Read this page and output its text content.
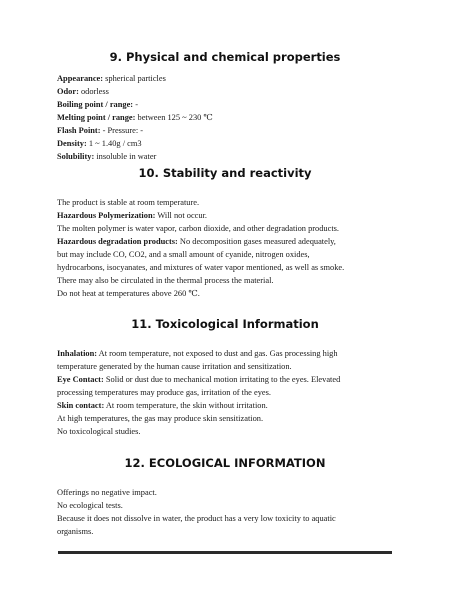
9. Physical and chemical properties
Appearance: spherical particles
Odor: odorless
Boiling point / range: -
Melting point / range: between 125 ~ 230 ℃
Flash Point: - Pressure: -
Density: 1 ~ 1.40g / cm3
Solubility: insoluble in water
10. Stability and reactivity
The product is stable at room temperature.
Hazardous Polymerization: Will not occur.
The molten polymer is water vapor, carbon dioxide, and other degradation products.
Hazardous degradation products: No decomposition gases measured adequately,
but may include CO, CO2, and a small amount of cyanide, nitrogen oxides,
hydrocarbons, isocyanates, and mixtures of water vapor mentioned, as well as smoke.
There may also be circulated in the thermal process the material.
Do not heat at temperatures above 260 ℃.
11. Toxicological Information
Inhalation: At room temperature, not exposed to dust and gas. Gas processing high
temperature generated by the human cause irritation and sensitization.
Eye Contact: Solid or dust due to mechanical motion irritating to the eyes. Elevated
processing temperatures may produce gas, irritation of the eyes.
Skin contact: At room temperature, the skin without irritation.
At high temperatures, the gas may produce skin sensitization.
No toxicological studies.
12. ECOLOGICAL INFORMATION
Offerings no negative impact.
No ecological tests.
Because it does not dissolve in water, the product has a very low toxicity to aquatic
organisms.
